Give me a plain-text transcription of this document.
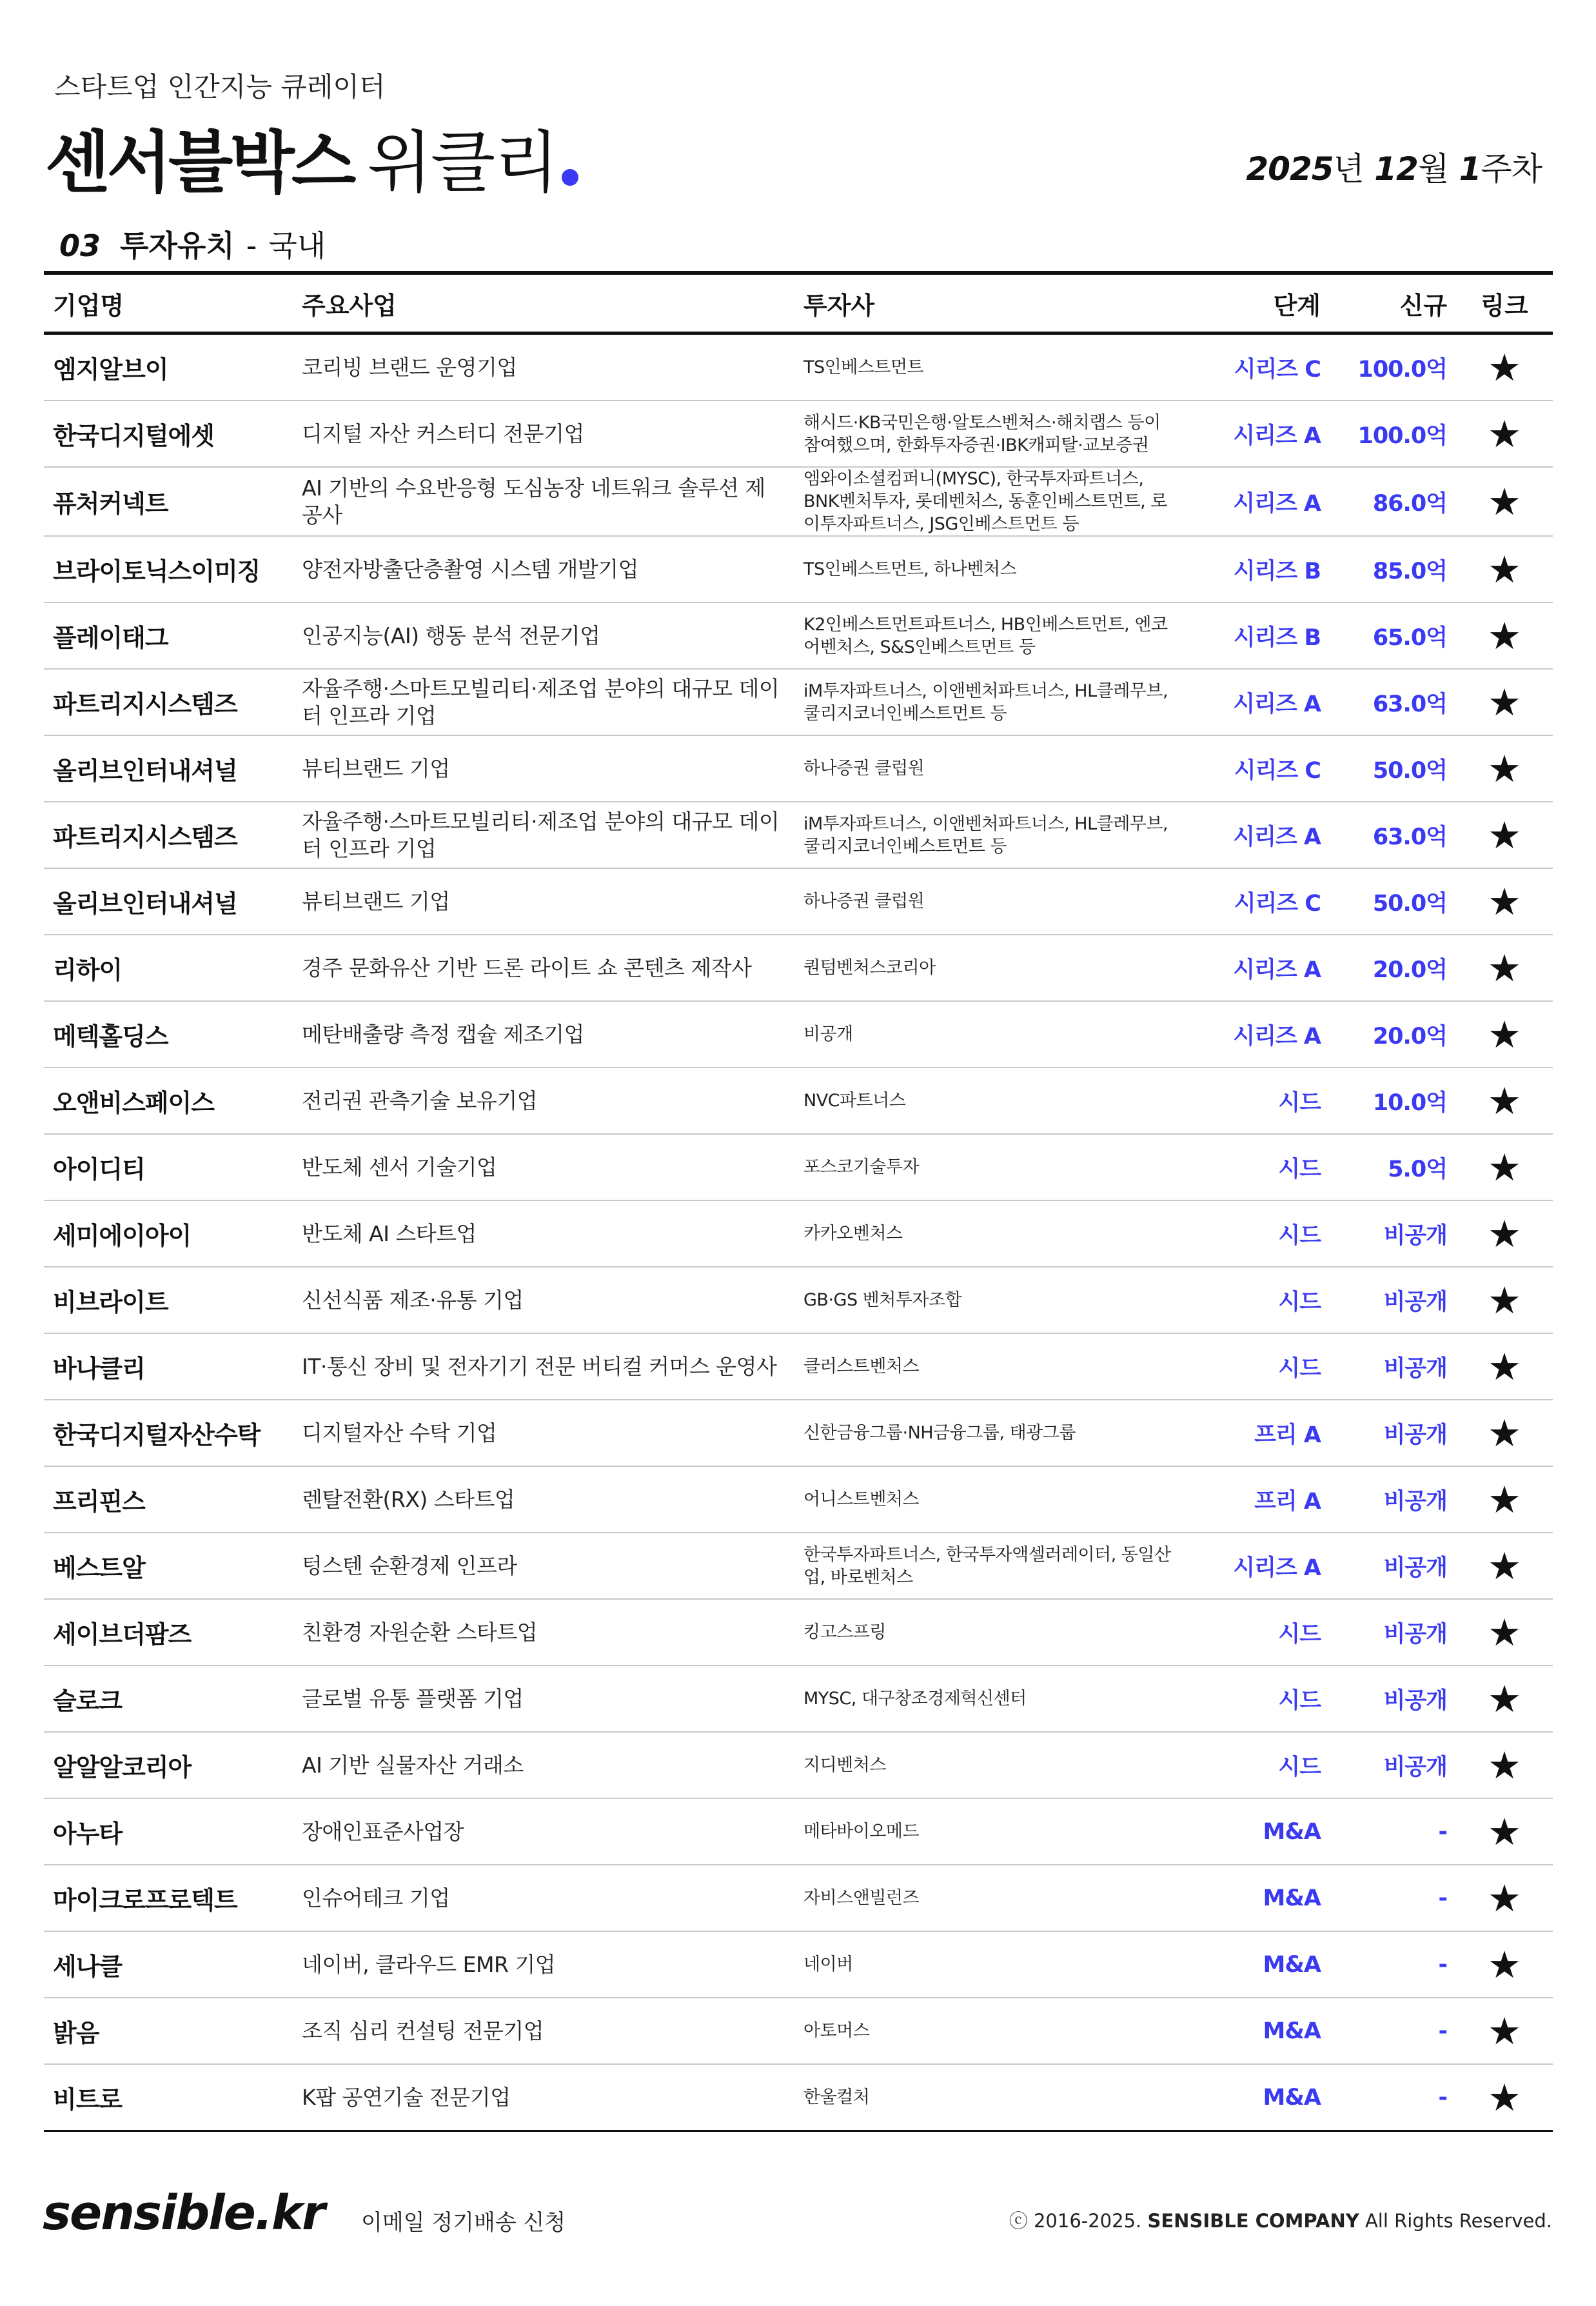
스타트업 인간지능 큐레이터
센서블박스 위클리	2025년 12월 1주차
03 투자유치 - 국내
기업명	주요사업	투자사	단계	신규	링크
엠지알브이	코리빙 브랜드 운영기업	TS인베스트먼트	시리즈 C	100.0억	★
한국디지털에셋	디지털 자산 커스터디 전문기업	해시드·KB국민은행·알토스벤처스·해치랩스 등이 참여했으며, 한화투자증권·IBK캐피탈·교보증권	시리즈 A	100.0억	★
퓨처커넥트	AI 기반의 수요반응형 도심농장 네트워크 솔루션 제공사	엠와이소셜컴퍼니(MYSC), 한국투자파트너스, BNK벤처투자, 롯데벤처스, 동훈인베스트먼트, 로이투자파트너스, JSG인베스트먼트 등	시리즈 A	86.0억	★
브라이토닉스이미징	양전자방출단층촬영 시스템 개발기업	TS인베스트먼트, 하나벤처스	시리즈 B	85.0억	★
플레이태그	인공지능(AI) 행동 분석 전문기업	K2인베스트먼트파트너스, HB인베스트먼트, 엔코어벤처스, S&S인베스트먼트 등	시리즈 B	65.0억	★
파트리지시스템즈	자율주행·스마트모빌리티·제조업 분야의 대규모 데이터 인프라 기업	iM투자파트너스, 이앤벤처파트너스, HL클레무브, 쿨리지코너인베스트먼트 등	시리즈 A	63.0억	★
올리브인터내셔널	뷰티브랜드 기업	하나증권 클럽원	시리즈 C	50.0억	★
파트리지시스템즈	자율주행·스마트모빌리티·제조업 분야의 대규모 데이터 인프라 기업	iM투자파트너스, 이앤벤처파트너스, HL클레무브, 쿨리지코너인베스트먼트 등	시리즈 A	63.0억	★
올리브인터내셔널	뷰티브랜드 기업	하나증권 클럽원	시리즈 C	50.0억	★
리하이	경주 문화유산 기반 드론 라이트 쇼 콘텐츠 제작사	퀀텀벤처스코리아	시리즈 A	20.0억	★
메텍홀딩스	메탄배출량 측정 캡슐 제조기업	비공개	시리즈 A	20.0억	★
오앤비스페이스	전리권 관측기술 보유기업	NVC파트너스	시드	10.0억	★
아이디티	반도체 센서 기술기업	포스코기술투자	시드	5.0억	★
세미에이아이	반도체 AI 스타트업	카카오벤처스	시드	비공개	★
비브라이트	신선식품 제조·유통 기업	GB·GS 벤처투자조합	시드	비공개	★
바나클리	IT·통신 장비 및 전자기기 전문 버티컬 커머스 운영사	클러스트벤처스	시드	비공개	★
한국디지털자산수탁	디지털자산 수탁 기업	신한금융그룹·NH금융그룹, 태광그룹	프리 A	비공개	★
프리핀스	렌탈전환(RX) 스타트업	어니스트벤처스	프리 A	비공개	★
베스트알	텅스텐 순환경제 인프라	한국투자파트너스, 한국투자액셀러레이터, 동일산업, 바로벤처스	시리즈 A	비공개	★
세이브더팜즈	친환경 자원순환 스타트업	킹고스프링	시드	비공개	★
슬로크	글로벌 유통 플랫폼 기업	MYSC, 대구창조경제혁신센터	시드	비공개	★
알알알코리아	AI 기반 실물자산 거래소	지디벤처스	시드	비공개	★
아누타	장애인표준사업장	메타바이오메드	M&A	-	★
마이크로프로텍트	인슈어테크 기업	자비스앤빌런즈	M&A	-	★
세나클	네이버, 클라우드 EMR 기업	네이버	M&A	-	★
밝음	조직 심리 컨설팅 전문기업	아토머스	M&A	-	★
비트로	K팝 공연기술 전문기업	한울컬처	M&A	-	★
sensible.kr 이메일 정기배송 신청	ⓒ 2016-2025. SENSIBLE COMPANY All Rights Reserved.
